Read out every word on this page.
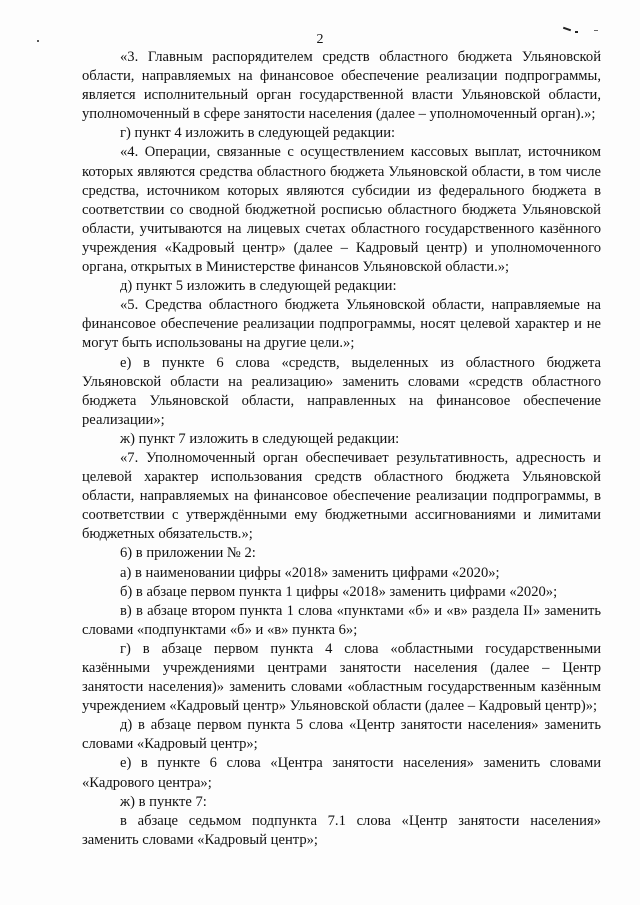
2

«3. Главным распорядителем средств областного бюджета Ульяновской области, направляемых на финансовое обеспечение реализации подпрограммы, является исполнительный орган государственной власти Ульяновской области, уполномоченный в сфере занятости населения (далее – уполномоченный орган).»;

г) пункт 4 изложить в следующей редакции:

«4. Операции, связанные с осуществлением кассовых выплат, источником которых являются средства областного бюджета Ульяновской области, в том числе средства, источником которых являются субсидии из федерального бюджета в соответствии со сводной бюджетной росписью областного бюджета Ульяновской области, учитываются на лицевых счетах областного государственного казённого учреждения «Кадровый центр» (далее – Кадровый центр) и уполномоченного органа, открытых в Министерстве финансов Ульяновской области.»;

д) пункт 5 изложить в следующей редакции:

«5. Средства областного бюджета Ульяновской области, направляемые на финансовое обеспечение реализации подпрограммы, носят целевой характер и не могут быть использованы на другие цели.»;

е) в пункте 6 слова «средств, выделенных из областного бюджета Ульяновской области на реализацию» заменить словами «средств областного бюджета Ульяновской области, направленных на финансовое обеспечение реализации»;

ж) пункт 7 изложить в следующей редакции:

«7. Уполномоченный орган обеспечивает результативность, адресность и целевой характер использования средств областного бюджета Ульяновской области, направляемых на финансовое обеспечение реализации подпрограммы, в соответствии с утверждёнными ему бюджетными ассигнованиями и лимитами бюджетных обязательств.»;

6) в приложении № 2:

а) в наименовании цифры «2018» заменить цифрами «2020»;

б) в абзаце первом пункта 1 цифры «2018» заменить цифрами «2020»;

в) в абзаце втором пункта 1 слова «пунктами «б» и «в» раздела II» заменить словами «подпунктами «б» и «в» пункта 6»;

г) в абзаце первом пункта 4 слова «областными государственными казёнными учреждениями центрами занятости населения (далее – Центр занятости населения)» заменить словами «областным государственным казённым учреждением «Кадровый центр» Ульяновской области (далее – Кадровый центр)»;

д) в абзаце первом пункта 5 слова «Центр занятости населения» заменить словами «Кадровый центр»;

е) в пункте 6 слова «Центра занятости населения» заменить словами «Кадрового центра»;

ж) в пункте 7:

в абзаце седьмом подпункта 7.1 слова «Центр занятости населения» заменить словами «Кадровый центр»;
